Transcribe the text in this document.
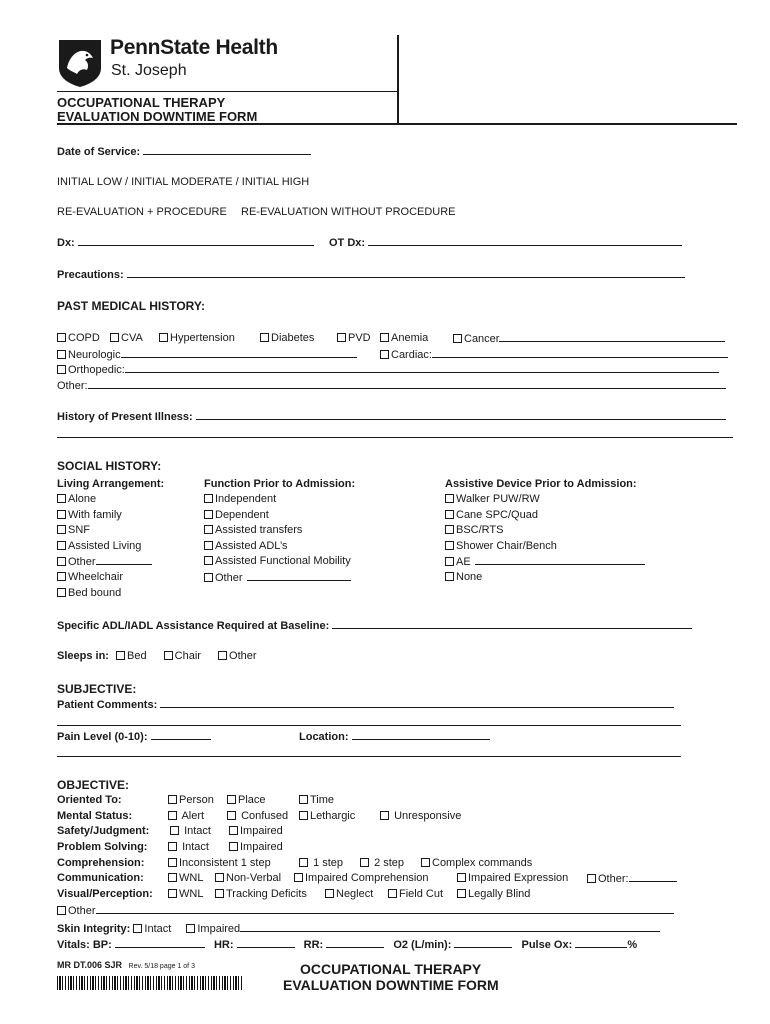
PennState Health
St. Joseph
OCCUPATIONAL THERAPY
EVALUATION DOWNTIME FORM
Date of Service:
INITIAL LOW / INITIAL MODERATE / INITIAL HIGH
RE-EVALUATION + PROCEDURE RE-EVALUATION WITHOUT PROCEDURE
Dx:	OT Dx:
Precautions:
PAST MEDICAL HISTORY:
COPD	CVA	Hypertension	Diabetes	PVD	Anemia	Cancer
Neurologic	Cardiac:
Orthopedic:
Other:
History of Present Illness:
SOCIAL HISTORY:
Living Arrangement:
Alone
With family
SNF
Assisted Living
Other
Wheelchair
Bed bound
Function Prior to Admission:
Independent
Dependent
Assisted transfers
Assisted ADL’s
Assisted Functional Mobility
Other
Assistive Device Prior to Admission:
Walker PUW/RW
Cane SPC/Quad
BSC/RTS
Shower Chair/Bench
AE
None
Specific ADL/IADL Assistance Required at Baseline:
Sleeps in: Bed	Chair	Other
SUBJECTIVE:
Patient Comments:
Pain Level (0-10):	Location:
OBJECTIVE:
Oriented To:	Person	Place	Time
Mental Status:	Alert	Confused	Lethargic	Unresponsive
Safety/Judgment:	Intact	Impaired
Problem Solving:	Intact	Impaired
Comprehension:	Inconsistent 1 step	1 step	2 step	Complex commands
Communication:	WNL	Non-Verbal	Impaired Comprehension	Impaired Expression	Other:
Visual/Perception:	WNL	Tracking Deficits	Neglect	Field Cut	Legally Blind
Other
Skin Integrity: Intact Impaired
Vitals: BP:	HR:	RR:	O2 (L/min):	Pulse Ox:	%
MR DT.006 SJR Rev. 5/18 page 1 of 3	OCCUPATIONAL THERAPY
EVALUATION DOWNTIME FORM
